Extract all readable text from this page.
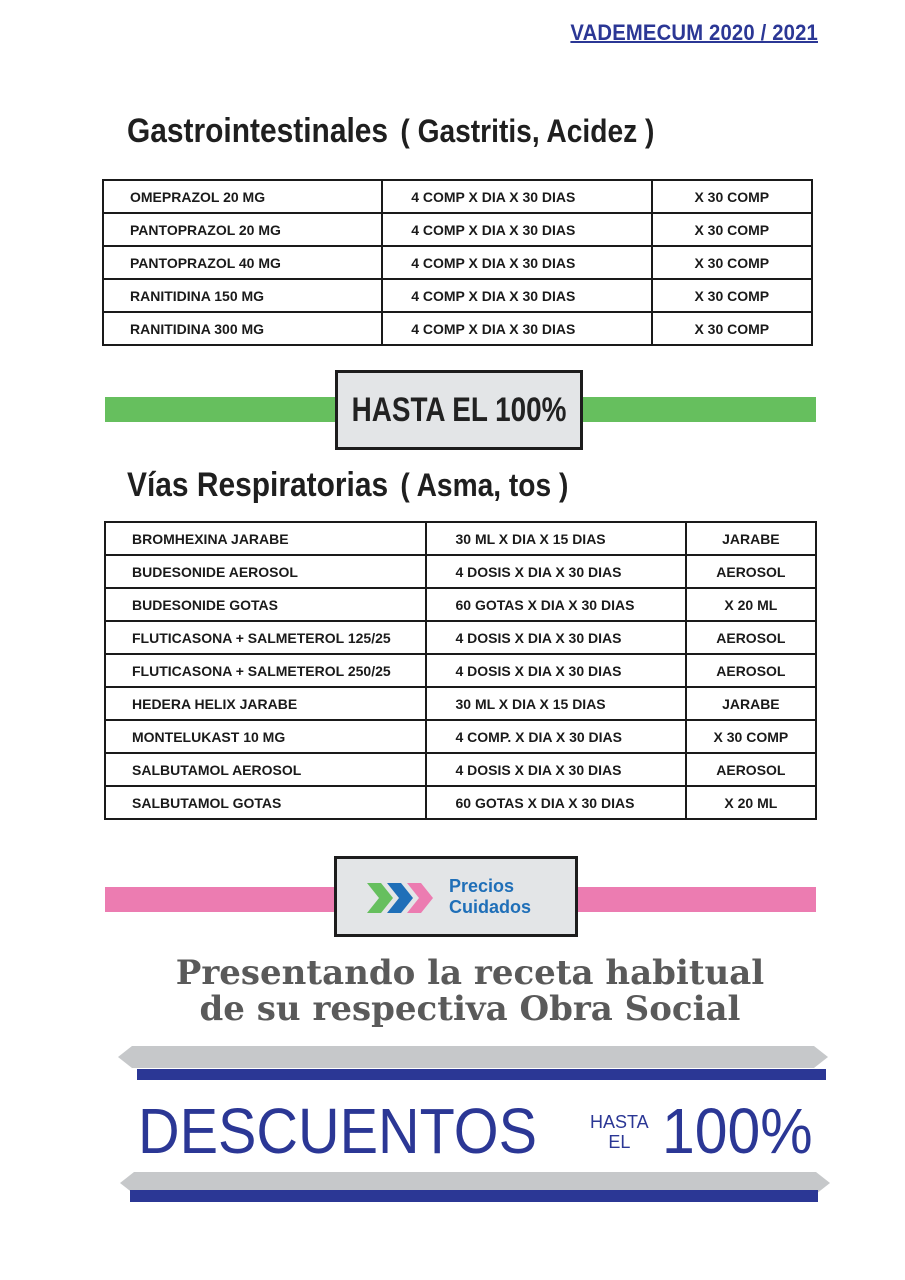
VADEMECUM 2020 / 2021
Gastrointestinales ( Gastritis, Acidez )
OMEPRAZOL 20 MG	4 COMP X DIA X 30 DIAS	X 30 COMP
PANTOPRAZOL 20 MG	4 COMP X DIA X 30 DIAS	X 30 COMP
PANTOPRAZOL 40 MG	4 COMP X DIA X 30 DIAS	X 30 COMP
RANITIDINA 150 MG	4 COMP X DIA X 30 DIAS	X 30 COMP
RANITIDINA 300 MG	4 COMP X DIA X 30 DIAS	X 30 COMP
HASTA EL 100%
Vías Respiratorias ( Asma, tos )
BROMHEXINA JARABE	30 ML X DIA X 15 DIAS	JARABE
BUDESONIDE AEROSOL	4 DOSIS X DIA X 30 DIAS	AEROSOL
BUDESONIDE GOTAS	60 GOTAS X DIA X 30 DIAS	X 20 ML
FLUTICASONA + SALMETEROL 125/25	4 DOSIS X DIA X 30 DIAS	AEROSOL
FLUTICASONA + SALMETEROL 250/25	4 DOSIS X DIA X 30 DIAS	AEROSOL
HEDERA HELIX JARABE	30 ML X DIA X 15 DIAS	JARABE
MONTELUKAST 10 MG	4 COMP. X DIA X 30 DIAS	X 30 COMP
SALBUTAMOL AEROSOL	4 DOSIS X DIA X 30 DIAS	AEROSOL
SALBUTAMOL GOTAS	60 GOTAS X DIA X 30 DIAS	X 20 ML
Precios
Cuidados
Presentando la receta habitual
de su respectiva Obra Social
DESCUENTOS	HASTA
EL 100%
